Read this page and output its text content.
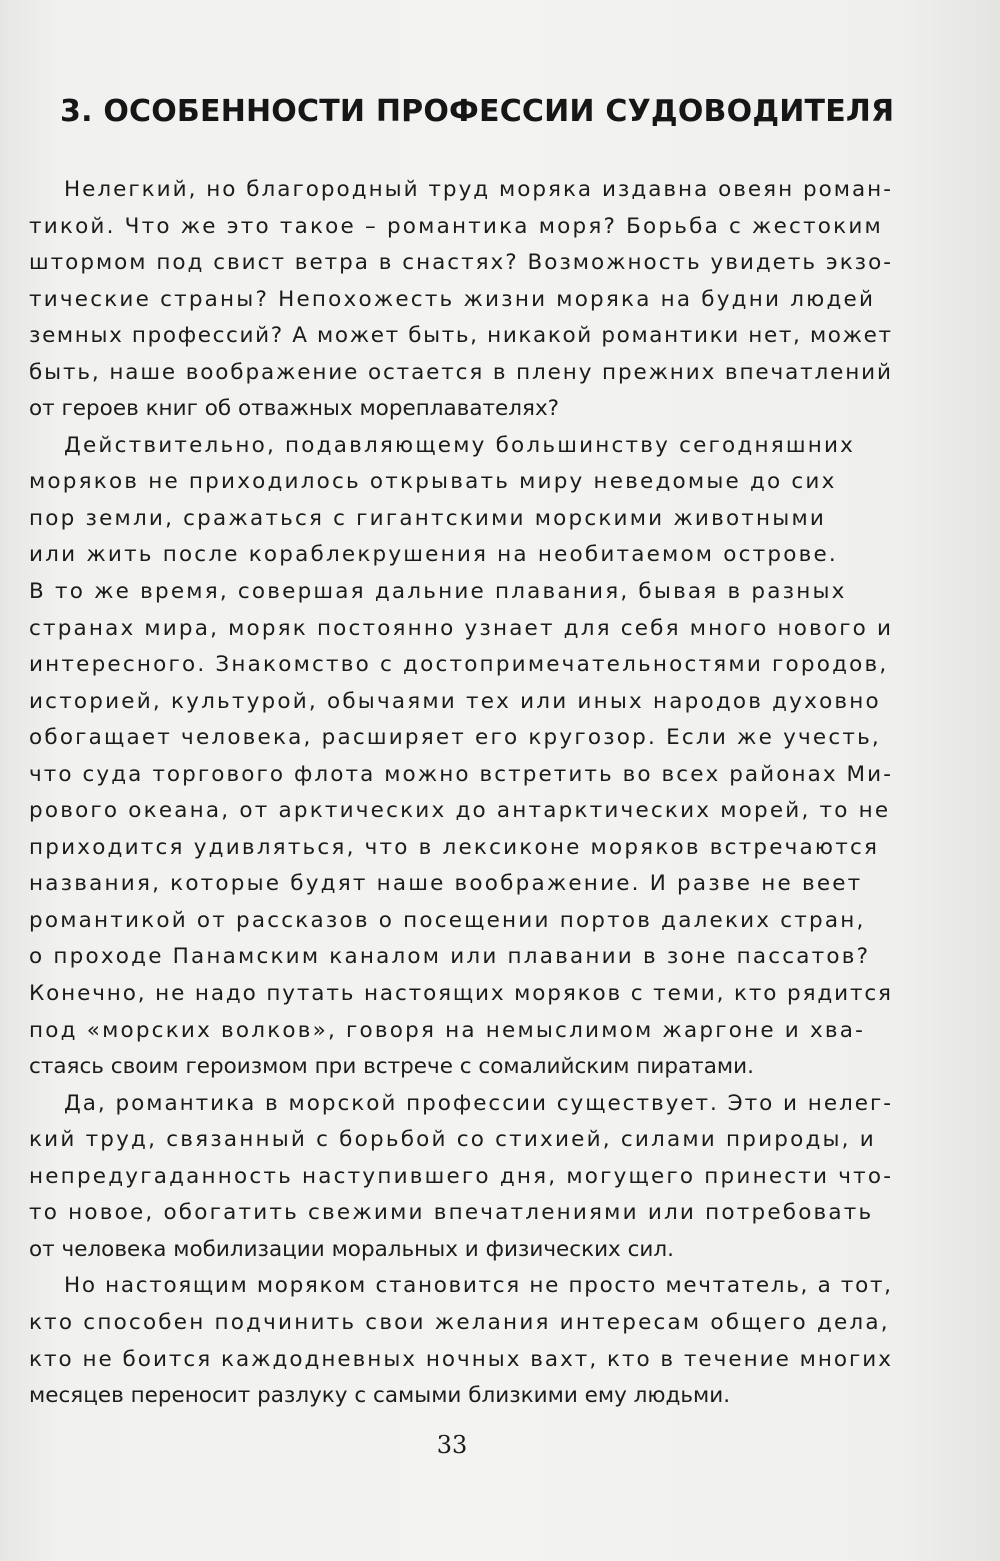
3. ОСОБЕННОСТИ ПРОФЕССИИ СУДОВОДИТЕЛЯ
Нелегкий, но благородный труд моряка издавна овеян роман-
тикой. Что же это такое – романтика моря? Борьба с жестоким
штормом под свист ветра в снастях? Возможность увидеть экзо-
тические страны? Непохожесть жизни моряка на будни людей
земных профессий? А может быть, никакой романтики нет, может
быть, наше воображение остается в плену прежних впечатлений
от героев книг об отважных мореплавателях?
Действительно, подавляющему большинству сегодняшних
моряков не приходилось открывать миру неведомые до сих
пор земли, сражаться с гигантскими морскими животными
или жить после кораблекрушения на необитаемом острове.
В то же время, совершая дальние плавания, бывая в разных
странах мира, моряк постоянно узнает для себя много нового и
интересного. Знакомство с достопримечательностями городов,
историей, культурой, обычаями тех или иных народов духовно
обогащает человека, расширяет его кругозор. Если же учесть,
что суда торгового флота можно встретить во всех районах Ми-
рового океана, от арктических до антарктических морей, то не
приходится удивляться, что в лексиконе моряков встречаются
названия, которые будят наше воображение. И разве не веет
романтикой от рассказов о посещении портов далеких стран,
о проходе Панамским каналом или плавании в зоне пассатов?
Конечно, не надо путать настоящих моряков с теми, кто рядится
под «морских волков», говоря на немыслимом жаргоне и хва-
стаясь своим героизмом при встрече с сомалийским пиратами.
Да, романтика в морской профессии существует. Это и нелег-
кий труд, связанный с борьбой со стихией, силами природы, и
непредугаданность наступившего дня, могущего принести что-
то новое, обогатить свежими впечатлениями или потребовать
от человека мобилизации моральных и физических сил.
Но настоящим моряком становится не просто мечтатель, а тот,
кто способен подчинить свои желания интересам общего дела,
кто не боится каждодневных ночных вахт, кто в течение многих
месяцев переносит разлуку с самыми близкими ему людьми.
33
